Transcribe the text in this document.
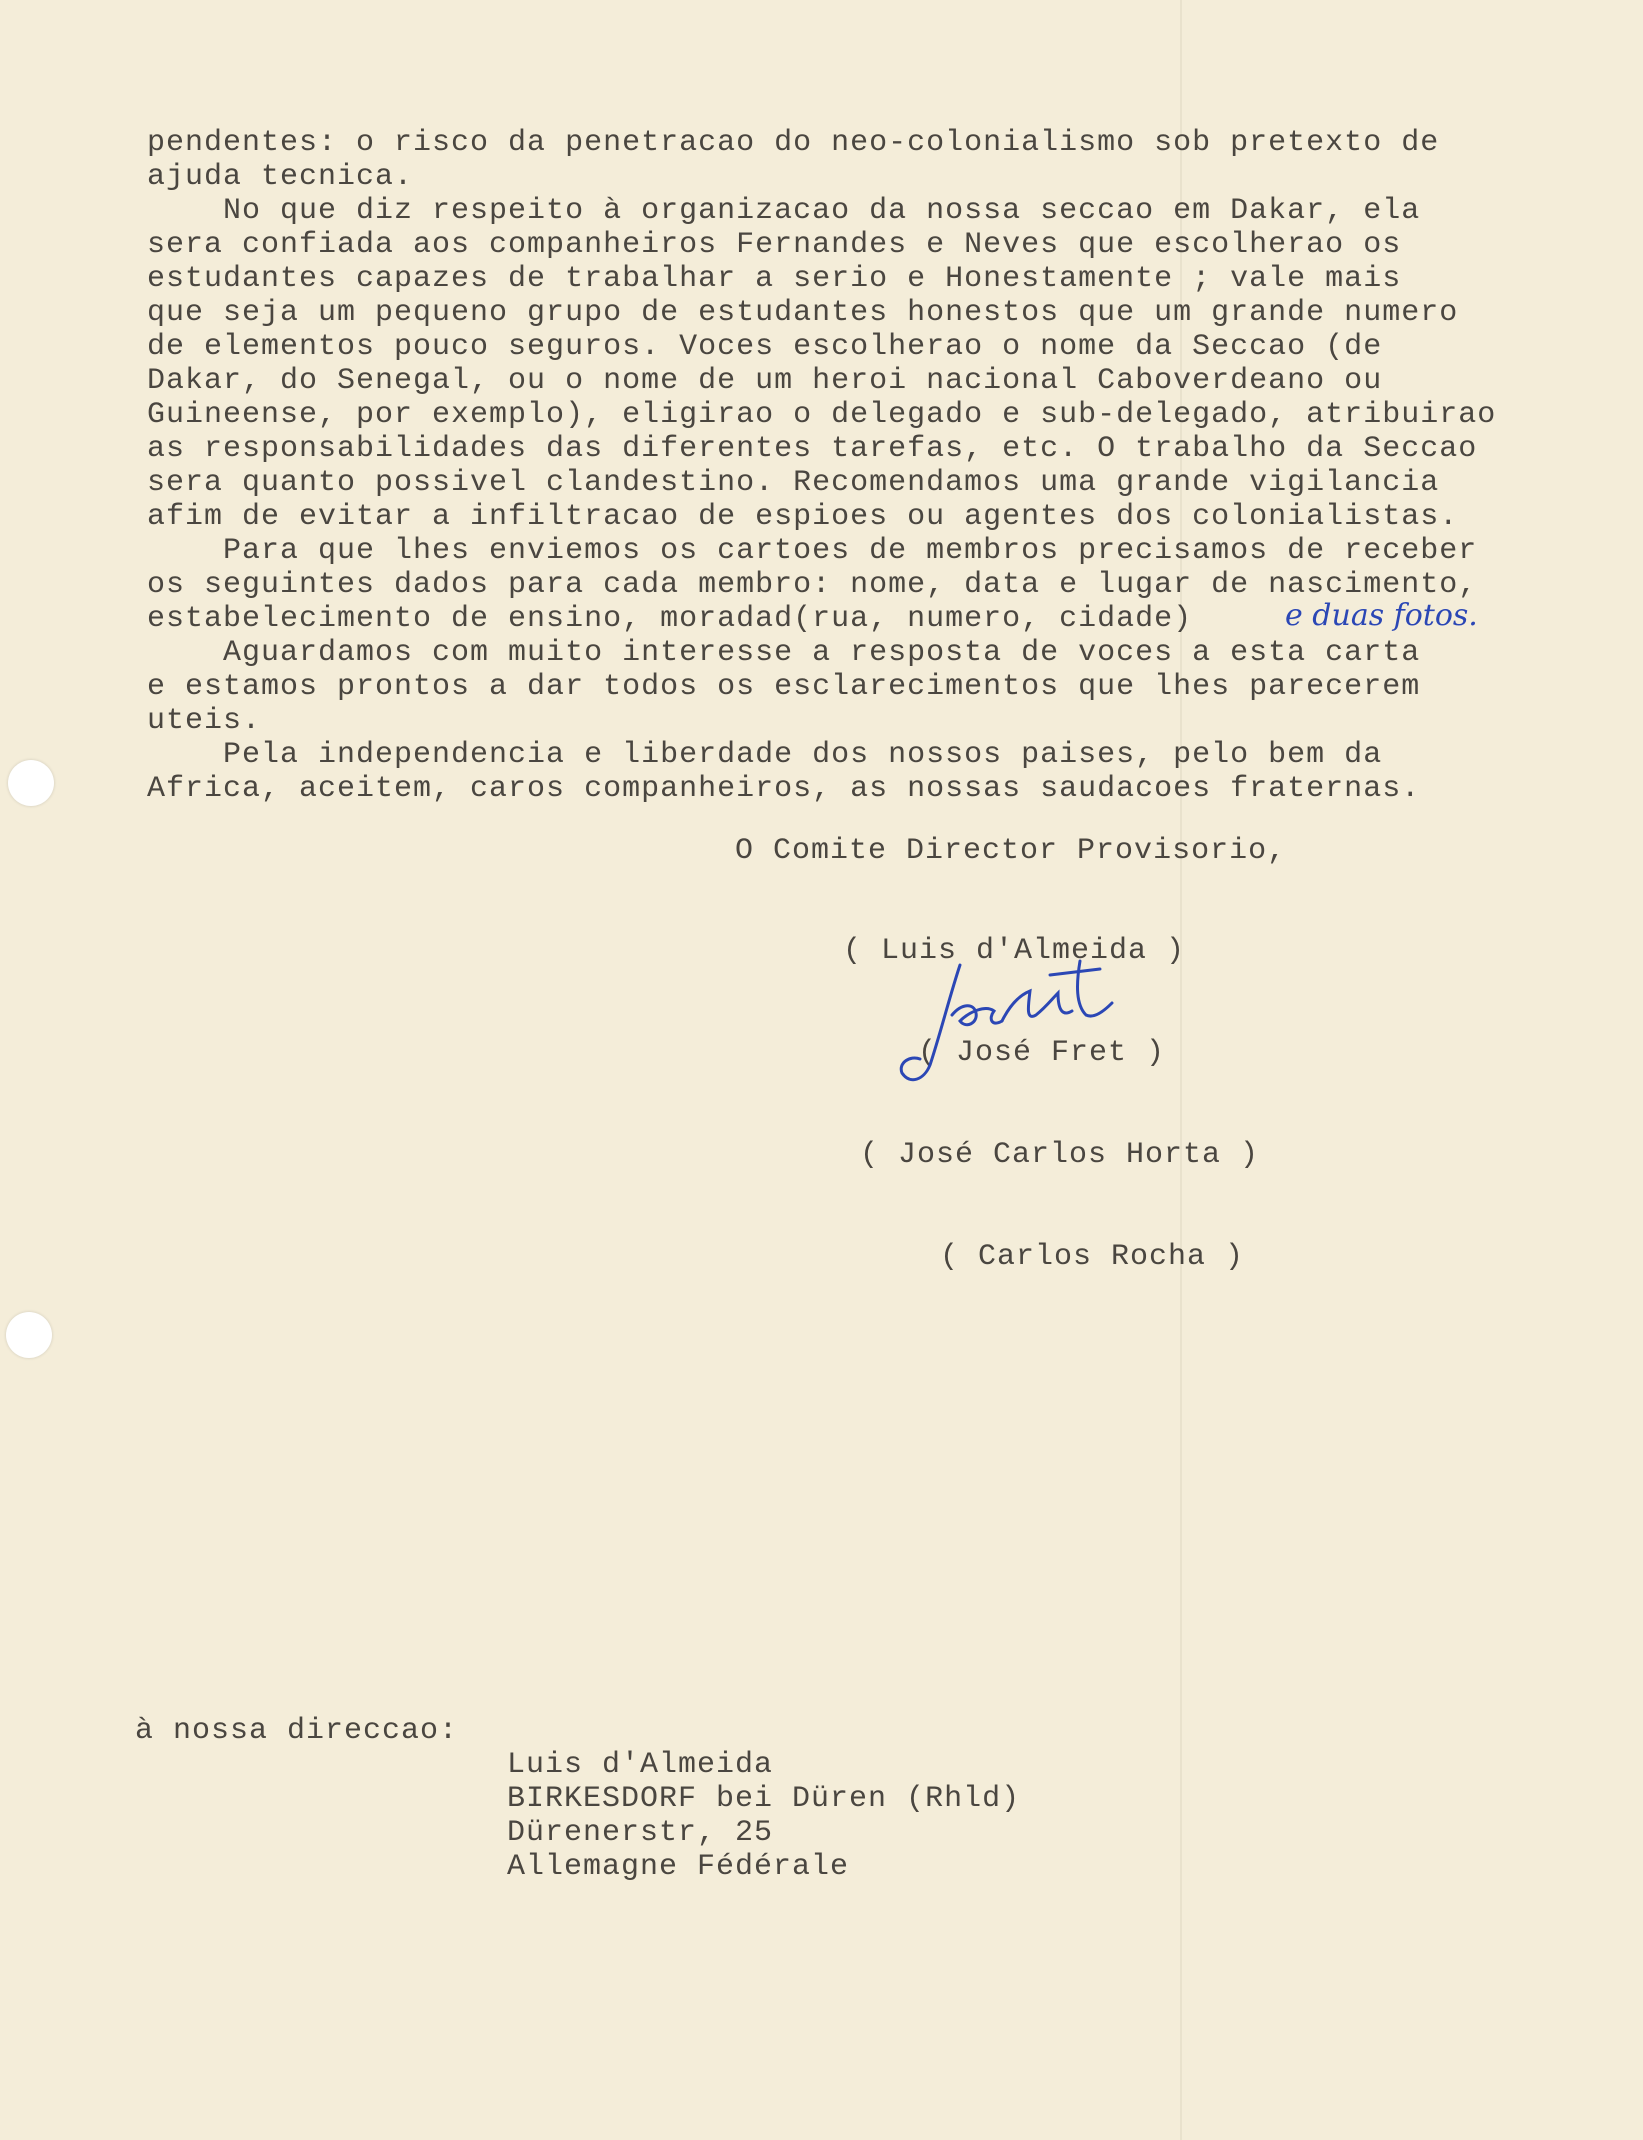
pendentes: o risco da penetracao do neo-colonialismo sob pretexto de
ajuda tecnica.
No que diz respeito à organizacao da nossa seccao em Dakar, ela
sera confiada aos companheiros Fernandes e Neves que escolherao os
estudantes capazes de trabalhar a serio e Honestamente ; vale mais
que seja um pequeno grupo de estudantes honestos que um grande numero
de elementos pouco seguros. Voces escolherao o nome da Seccao (de
Dakar, do Senegal, ou o nome de um heroi nacional Caboverdeano ou
Guineense, por exemplo), eligirao o delegado e sub-delegado, atribuirao
as responsabilidades das diferentes tarefas, etc. O trabalho da Seccao
sera quanto possivel clandestino. Recomendamos uma grande vigilancia
afim de evitar a infiltracao de espioes ou agentes dos colonialistas.
Para que lhes enviemos os cartoes de membros precisamos de receber
os seguintes dados para cada membro: nome, data e lugar de nascimento,
estabelecimento de ensino, moradad(rua, numero, cidade)
Aguardamos com muito interesse a resposta de voces a esta carta
e estamos prontos a dar todos os esclarecimentos que lhes parecerem
uteis.
Pela independencia e liberdade dos nossos paises, pelo bem da
Africa, aceitem, caros companheiros, as nossas saudacoes fraternas.
e duas fotos.
O Comite Director Provisorio,
( Luis d'Almeida )
( José Fret )
( José Carlos Horta )
( Carlos Rocha )
à nossa direccao:
Luis d'Almeida
BIRKESDORF bei Düren (Rhld)
Dürenerstr, 25
Allemagne Fédérale
